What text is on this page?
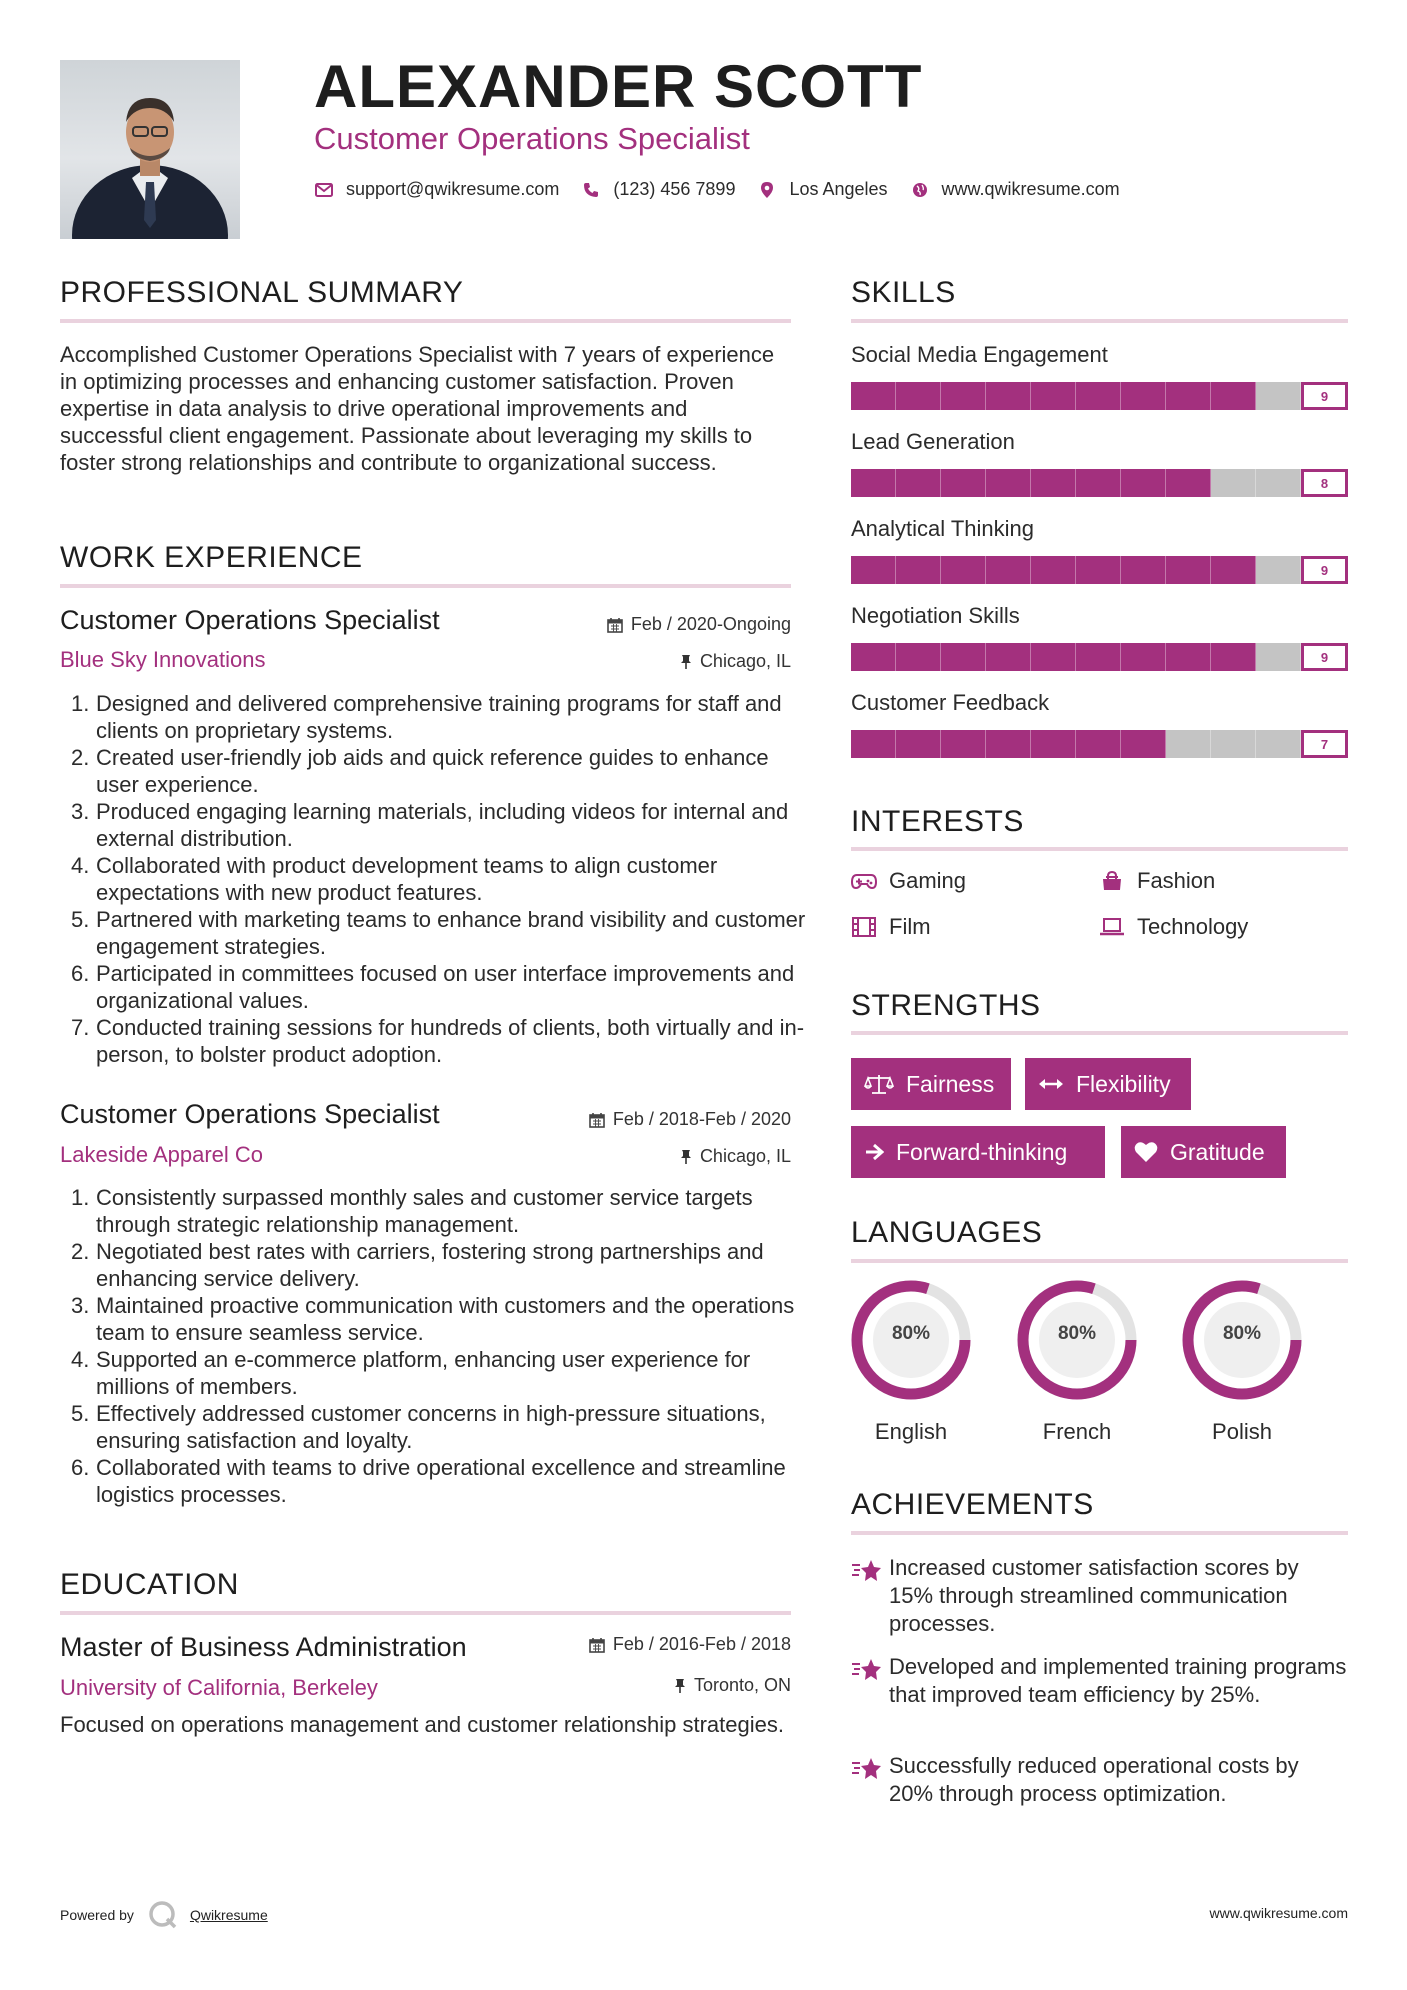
ALEXANDER SCOTT
Customer Operations Specialist
support@qwikresume.com	(123) 456 7899	Los Angeles	www.qwikresume.com
PROFESSIONAL SUMMARY
Accomplished Customer Operations Specialist with 7 years of experience in optimizing processes and enhancing customer satisfaction. Proven expertise in data analysis to drive operational improvements and successful client engagement. Passionate about leveraging my skills to foster strong relationships and contribute to organizational success.
WORK EXPERIENCE
Customer Operations Specialist	Feb / 2020-Ongoing
Blue Sky Innovations	Chicago, IL
Designed and delivered comprehensive training programs for staff and clients on proprietary systems.
Created user-friendly job aids and quick reference guides to enhance user experience.
Produced engaging learning materials, including videos for internal and external distribution.
Collaborated with product development teams to align customer expectations with new product features.
Partnered with marketing teams to enhance brand visibility and customer engagement strategies.
Participated in committees focused on user interface improvements and organizational values.
Conducted training sessions for hundreds of clients, both virtually and in-person, to bolster product adoption.
Customer Operations Specialist	Feb / 2018-Feb / 2020
Lakeside Apparel Co	Chicago, IL
Consistently surpassed monthly sales and customer service targets through strategic relationship management.
Negotiated best rates with carriers, fostering strong partnerships and enhancing service delivery.
Maintained proactive communication with customers and the operations team to ensure seamless service.
Supported an e-commerce platform, enhancing user experience for millions of members.
Effectively addressed customer concerns in high-pressure situations, ensuring satisfaction and loyalty.
Collaborated with teams to drive operational excellence and streamline logistics processes.
EDUCATION
Master of Business Administration	Feb / 2016-Feb / 2018
University of California, Berkeley	Toronto, ON
Focused on operations management and customer relationship strategies.
SKILLS
Social Media Engagement
9
Lead Generation
8
Analytical Thinking
9
Negotiation Skills
9
Customer Feedback
7
INTERESTS
Gaming	Fashion
Film	Technology
STRENGTHS
Fairness	Flexibility
Forward-thinking	Gratitude
LANGUAGES
80%
English
80%
French
80%
Polish
ACHIEVEMENTS
Increased customer satisfaction scores by 15% through streamlined communication processes.
Developed and implemented training programs that improved team efficiency by 25%.
Successfully reduced operational costs by 20% through process optimization.
Powered by	Qwikresume	www.qwikresume.com
